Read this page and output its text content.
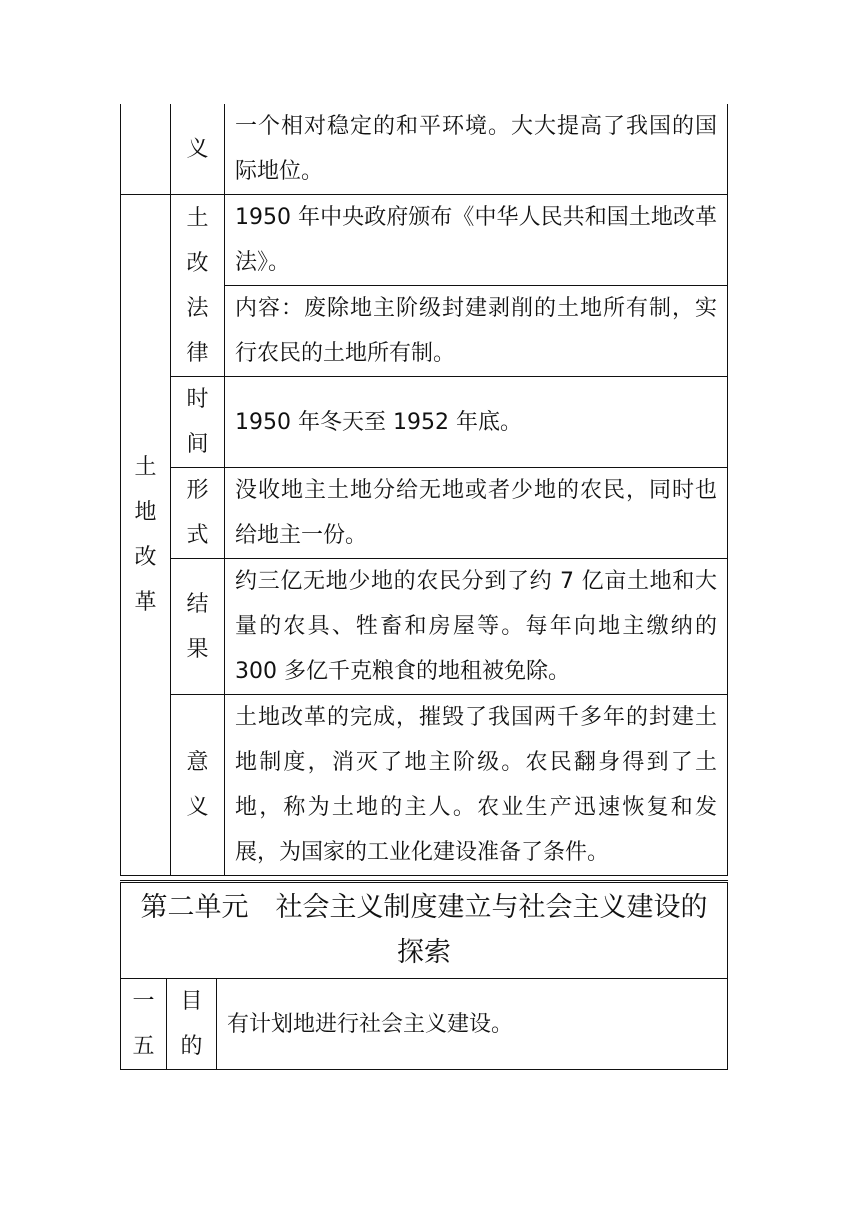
	义	一个相对稳定的和平环境。大大提高了我国的国际地位。
土地改革	土改法律	1950 年中央政府颁布《中华人民共和国土地改革法》。
		内容：废除地主阶级封建剥削的土地所有制，实行农民的土地所有制。
	时间	1950 年冬天至 1952 年底。
	形式	没收地主土地分给无地或者少地的农民，同时也给地主一份。
	结果	约三亿无地少地的农民分到了约 7 亿亩土地和大量的农具、牲畜和房屋等。每年向地主缴纳的 300 多亿千克粮食的地租被免除。
	意义	土地改革的完成，摧毁了我国两千多年的封建土地制度，消灭了地主阶级。农民翻身得到了土地，称为土地的主人。农业生产迅速恢复和发展，为国家的工业化建设准备了条件。
第二单元　社会主义制度建立与社会主义建设的探索
一五	目的	有计划地进行社会主义建设。
